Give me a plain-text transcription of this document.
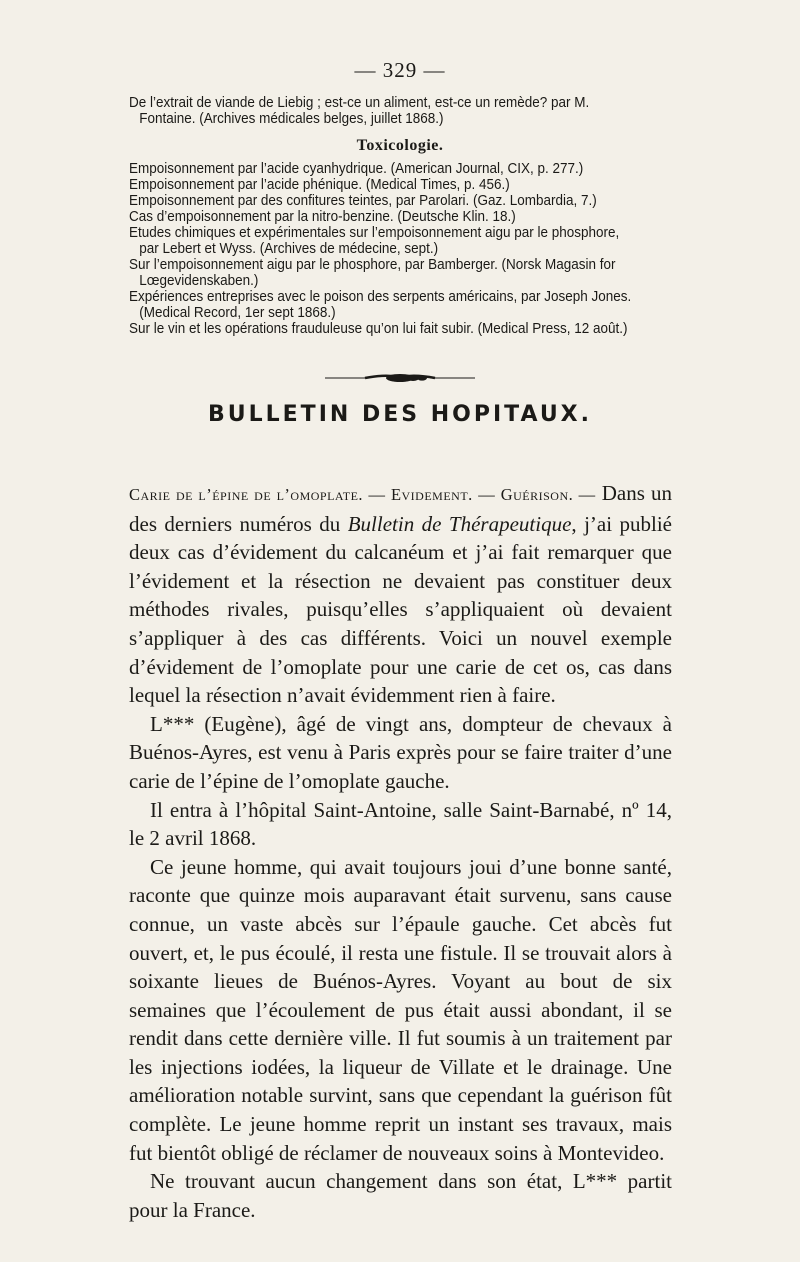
— 329 —

De l’extrait de viande de Liebig ; est-ce un aliment, est-ce un remède? par M. Fontaine. (Archives médicales belges, juillet 1868.)

Toxicologie.

Empoisonnement par l’acide cyanhydrique. (American Journal, CIX, p. 277.)

Empoisonnement par l’acide phénique. (Medical Times, p. 456.)

Empoisonnement par des confitures teintes, par Parolari. (Gaz. Lombardia, 7.)

Cas d’empoisonnement par la nitro-benzine. (Deutsche Klin. 18.)

Etudes chimiques et expérimentales sur l’empoisonnement aigu par le phosphore, par Lebert et Wyss. (Archives de médecine, sept.)

Sur l’empoisonnement aigu par le phosphore, par Bamberger. (Norsk Magasin for Lœgevidenskaben.)

Expériences entreprises avec le poison des serpents américains, par Joseph Jones. (Medical Record, 1er sept 1868.)

Sur le vin et les opérations frauduleuse qu’on lui fait subir. (Medical Press, 12 août.)

BULLETIN DES HOPITAUX.

Carie de l’épine de l’omoplate. — Evidement. — Guérison. — Dans un des derniers numéros du Bulletin de Thérapeutique, j’ai publié deux cas d’évidement du calcanéum et j’ai fait remarquer que l’évidement et la résection ne devaient pas constituer deux méthodes rivales, puisqu’elles s’appliquaient où devaient s’appliquer à des cas différents. Voici un nouvel exemple d’évidement de l’omoplate pour une carie de cet os, cas dans lequel la résection n’avait évidemment rien à faire.

L*** (Eugène), âgé de vingt ans, dompteur de chevaux à Buénos-Ayres, est venu à Paris exprès pour se faire traiter d’une carie de l’épine de l’omoplate gauche.

Il entra à l’hôpital Saint-Antoine, salle Saint-Barnabé, nº 14, le 2 avril 1868.

Ce jeune homme, qui avait toujours joui d’une bonne santé, raconte que quinze mois auparavant était survenu, sans cause connue, un vaste abcès sur l’épaule gauche. Cet abcès fut ouvert, et, le pus écoulé, il resta une fistule. Il se trouvait alors à soixante lieues de Buénos-Ayres. Voyant au bout de six semaines que l’écoulement de pus était aussi abondant, il se rendit dans cette dernière ville. Il fut soumis à un traitement par les injections iodées, la liqueur de Villate et le drainage. Une amélioration notable survint, sans que cependant la guérison fût complète. Le jeune homme reprit un instant ses travaux, mais fut bientôt obligé de réclamer de nouveaux soins à Montevideo.

Ne trouvant aucun changement dans son état, L*** partit pour la France.
